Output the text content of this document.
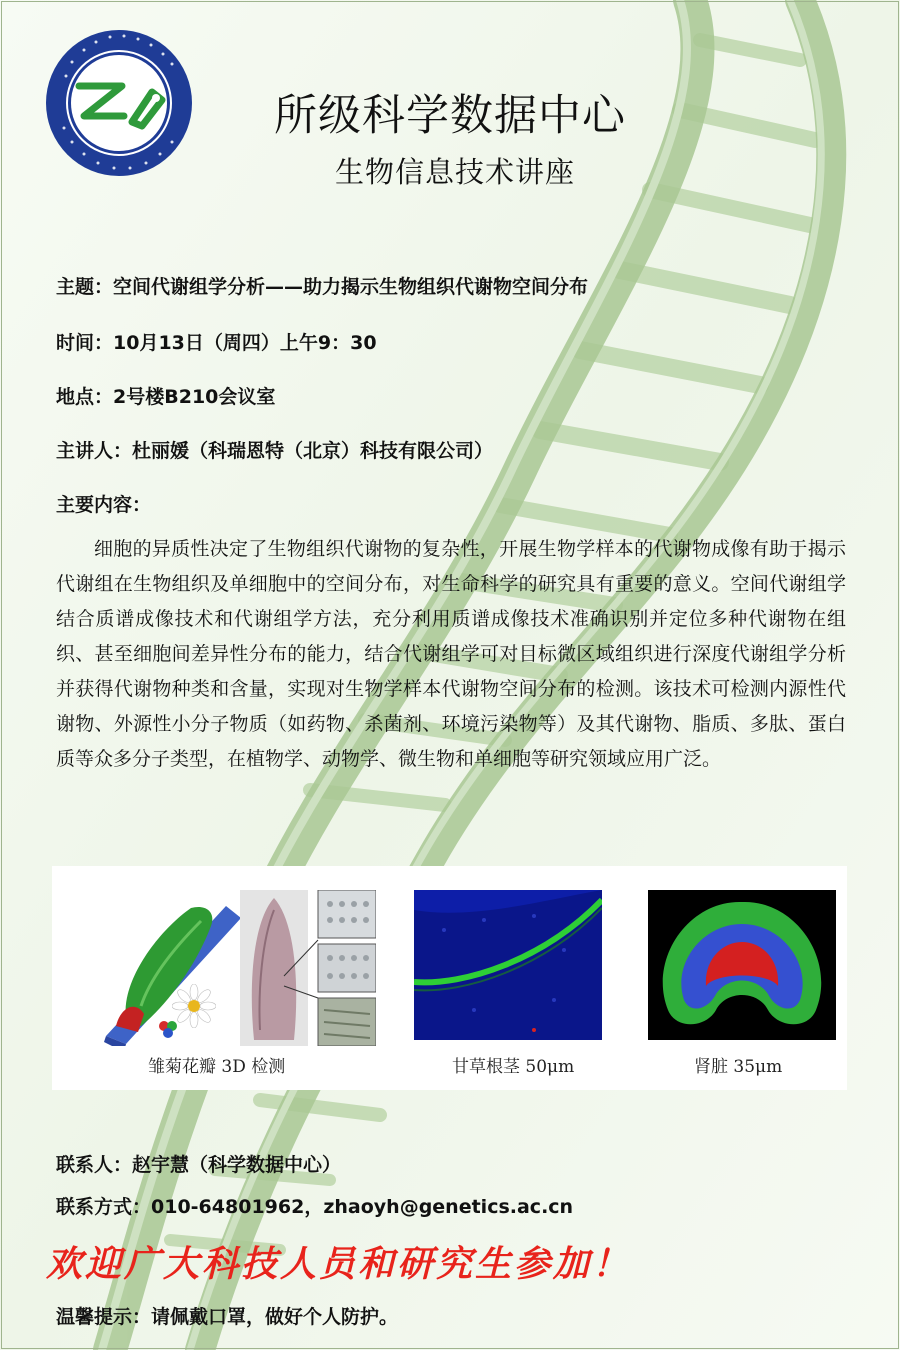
所级科学数据中心
生物信息技术讲座
主题：空间代谢组学分析——助力揭示生物组织代谢物空间分布
时间：10月13日（周四）上午9：30
地点：2号楼B210会议室
主讲人：杜丽媛（科瑞恩特（北京）科技有限公司）
主要内容：

细胞的异质性决定了生物组织代谢物的复杂性，开展生物学样本的代谢物成像有助于揭示代谢组在生物组织及单细胞中的空间分布，对生命科学的研究具有重要的意义。空间代谢组学结合质谱成像技术和代谢组学方法，充分利用质谱成像技术准确识别并定位多种代谢物在组织、甚至细胞间差异性分布的能力，结合代谢组学可对目标微区域组织进行深度代谢组学分析并获得代谢物种类和含量，实现对生物学样本代谢物空间分布的检测。该技术可检测内源性代谢物、外源性小分子物质（如药物、杀菌剂、环境污染物等）及其代谢物、脂质、多肽、蛋白质等众多分子类型，在植物学、动物学、微生物和单细胞等研究领域应用广泛。

雏菊花瓣 3D 检测	甘草根茎 50μm	肾脏 35μm
联系人：赵宇慧（科学数据中心）
联系方式：010-64801962，zhaoyh@genetics.ac.cn

欢迎广大科技人员和研究生参加！

温馨提示：请佩戴口罩，做好个人防护。
